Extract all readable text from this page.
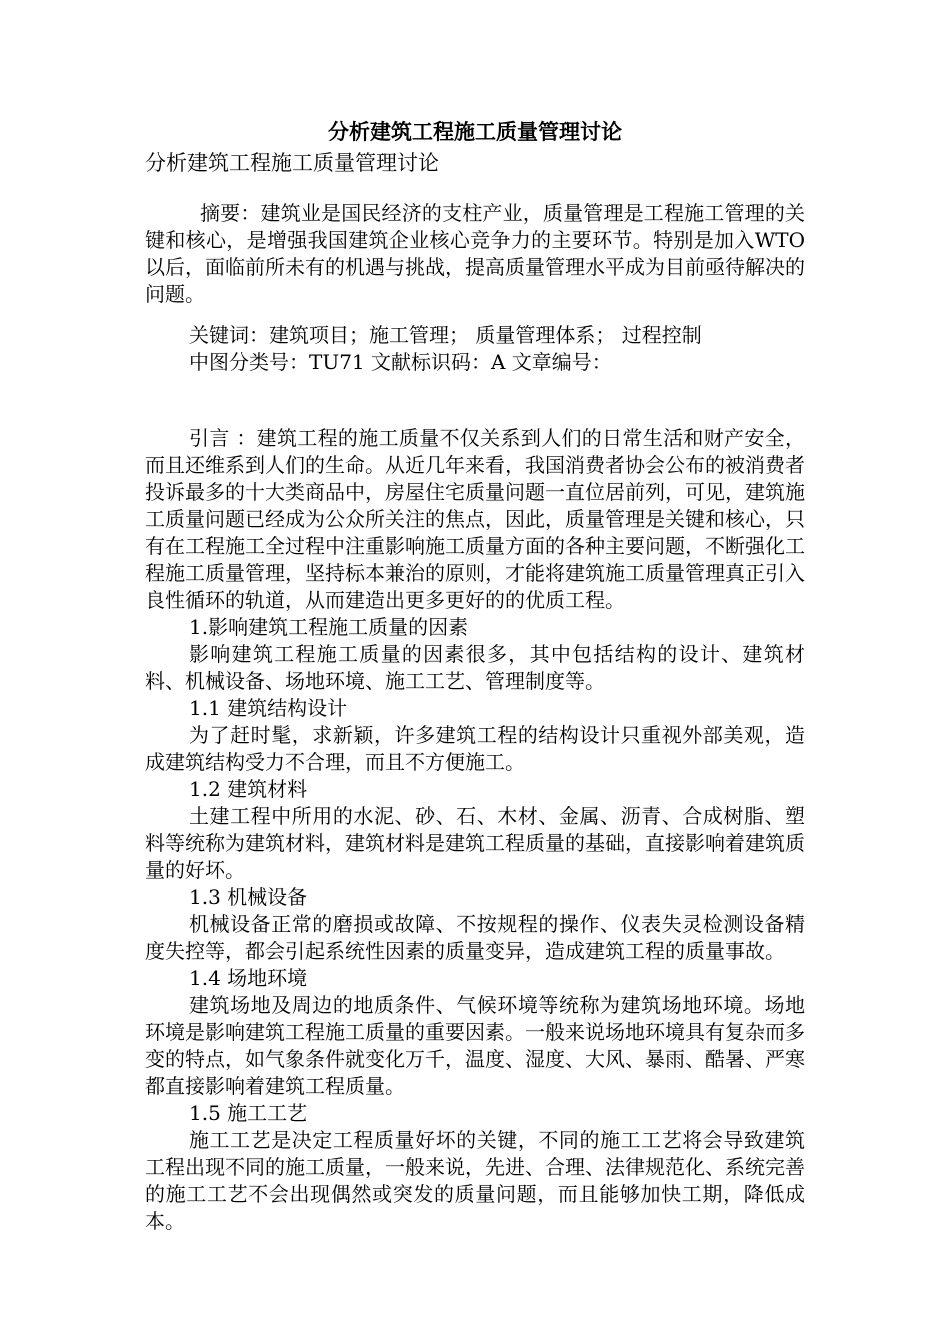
分析建筑工程施工质量管理讨论
分析建筑工程施工质量管理讨论
摘要：建筑业是国民经济的支柱产业，质量管理是工程施工管理的关键和核心，是增强我国建筑企业核心竞争力的主要环节。特别是加入WTO以后，面临前所未有的机遇与挑战，提高质量管理水平成为目前亟待解决的问题。
关键词：建筑项目；施工管理； 质量管理体系； 过程控制
中图分类号：TU71 文献标识码：A 文章编号：

引言 ：建筑工程的施工质量不仅关系到人们的日常生活和财产安全，而且还维系到人们的生命。从近几年来看，我国消费者协会公布的被消费者投诉最多的十大类商品中，房屋住宅质量问题一直位居前列，可见，建筑施工质量问题已经成为公众所关注的焦点，因此，质量管理是关键和核心，只有在工程施工全过程中注重影响施工质量方面的各种主要问题，不断强化工程施工质量管理，坚持标本兼治的原则，才能将建筑施工质量管理真正引入良性循环的轨道，从而建造出更多更好的的优质工程。

1.影响建筑工程施工质量的因素

影响建筑工程施工质量的因素很多，其中包括结构的设计、建筑材料、机械设备、场地环境、施工工艺、管理制度等。

1.1 建筑结构设计

为了赶时髦，求新颖，许多建筑工程的结构设计只重视外部美观，造成建筑结构受力不合理，而且不方便施工。

1.2 建筑材料

土建工程中所用的水泥、砂、石、木材、金属、沥青、合成树脂、塑料等统称为建筑材料，建筑材料是建筑工程质量的基础，直接影响着建筑质量的好坏。

1.3 机械设备

机械设备正常的磨损或故障、不按规程的操作、仪表失灵检测设备精度失控等，都会引起系统性因素的质量变异，造成建筑工程的质量事故。

1.4 场地环境

建筑场地及周边的地质条件、气候环境等统称为建筑场地环境。场地环境是影响建筑工程施工质量的重要因素。一般来说场地环境具有复杂而多变的特点，如气象条件就变化万千，温度、湿度、大风、暴雨、酷暑、严寒都直接影响着建筑工程质量。

1.5 施工工艺

施工工艺是决定工程质量好坏的关键，不同的施工工艺将会导致建筑工程出现不同的施工质量，一般来说，先进、合理、法律规范化、系统完善的施工工艺不会出现偶然或突发的质量问题，而且能够加快工期，降低成本。
